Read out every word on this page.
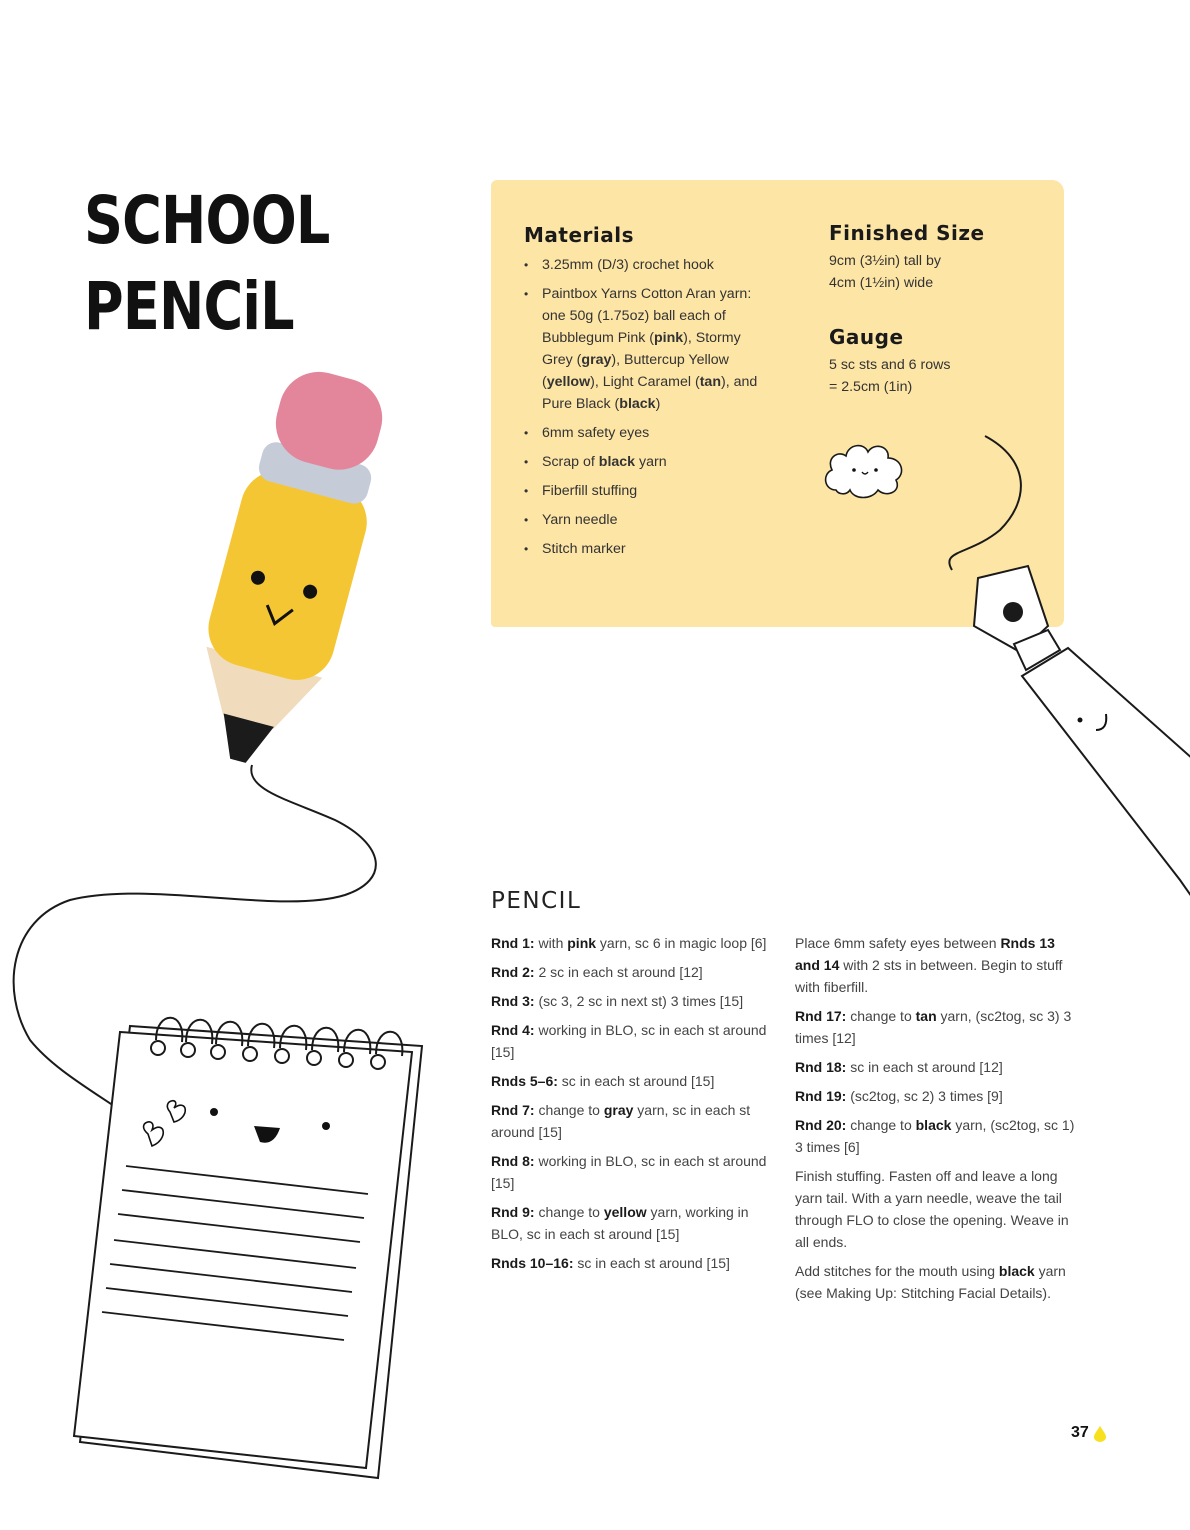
SCHOOL
PENCiL
Materials
• 3.25mm (D/3) crochet hook
• Paintbox Yarns Cotton Aran yarn: one 50g (1.75oz) ball each of Bubblegum Pink (pink), Stormy Grey (gray), Buttercup Yellow (yellow), Light Caramel (tan), and Pure Black (black)
• 6mm safety eyes
• Scrap of black yarn
• Fiberfill stuffing
• Yarn needle
• Stitch marker
Finished Size

9cm (3½in) tall by
4cm (1½in) wide

Gauge

5 sc sts and 6 rows
= 2.5cm (1in)

PENCIL

Rnd 1: with pink yarn, sc 6 in magic loop [6]

Rnd 2: 2 sc in each st around [12]

Rnd 3: (sc 3, 2 sc in next st) 3 times [15]

Rnd 4: working in BLO, sc in each st around [15]

Rnds 5–6: sc in each st around [15]

Rnd 7: change to gray yarn, sc in each st around [15]

Rnd 8: working in BLO, sc in each st around [15]

Rnd 9: change to yellow yarn, working in BLO, sc in each st around [15]

Rnds 10–16: sc in each st around [15]

Place 6mm safety eyes between Rnds 13 and 14 with 2 sts in between. Begin to stuff with fiberfill.

Rnd 17: change to tan yarn, (sc2tog, sc 3) 3 times [12]

Rnd 18: sc in each st around [12]

Rnd 19: (sc2tog, sc 2) 3 times [9]

Rnd 20: change to black yarn, (sc2tog, sc 1) 3 times [6]

Finish stuffing. Fasten off and leave a long yarn tail. With a yarn needle, weave the tail through FLO to close the opening. Weave in all ends.

Add stitches for the mouth using black yarn (see Making Up: Stitching Facial Details).

37
